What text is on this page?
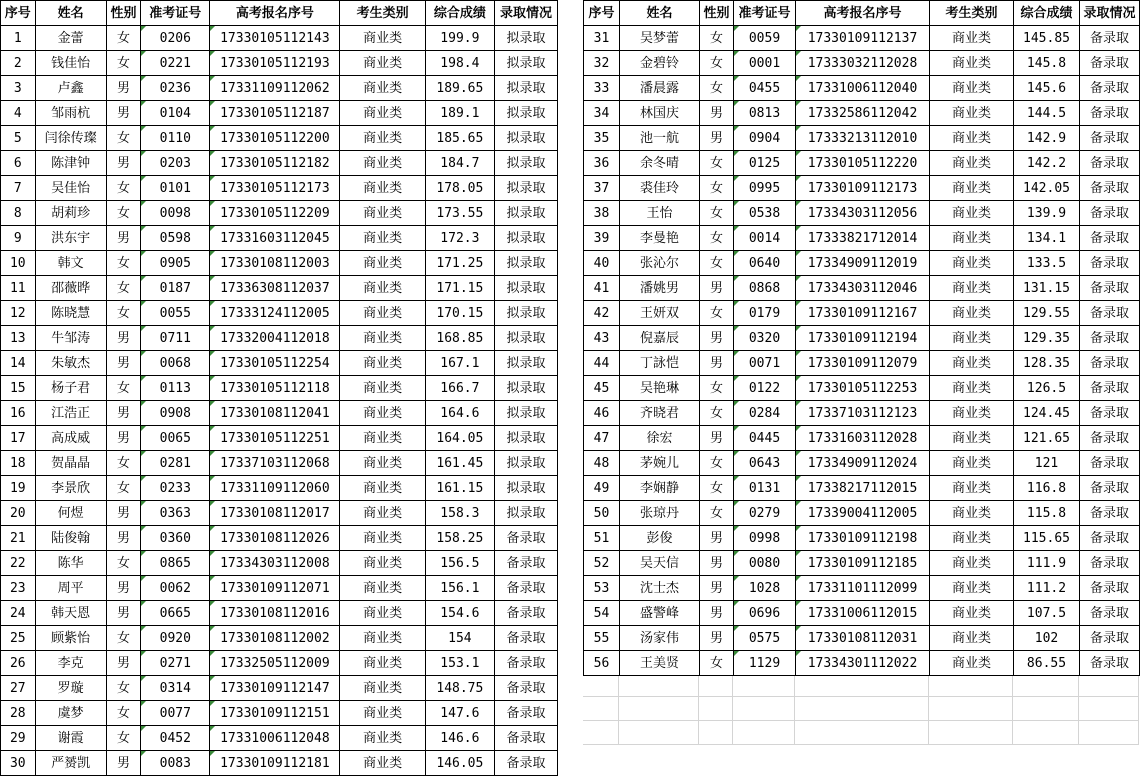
序号	姓名	性别	准考证号	高考报名序号	考生类别	综合成绩	录取情况
1	金蕾	女	0206	17330105112143	商业类	199.9	拟录取
2	钱佳怡	女	0221	17330105112193	商业类	198.4	拟录取
3	卢鑫	男	0236	17331109112062	商业类	189.65	拟录取
4	邹雨杭	男	0104	17330105112187	商业类	189.1	拟录取
5	闫徐传璨	女	0110	17330105112200	商业类	185.65	拟录取
6	陈津钟	男	0203	17330105112182	商业类	184.7	拟录取
7	吴佳怡	女	0101	17330105112173	商业类	178.05	拟录取
8	胡莉珍	女	0098	17330105112209	商业类	173.55	拟录取
9	洪东宇	男	0598	17331603112045	商业类	172.3	拟录取
10	韩文	女	0905	17330108112003	商业类	171.25	拟录取
11	邵薇晔	女	0187	17336308112037	商业类	171.15	拟录取
12	陈晓慧	女	0055	17333124112005	商业类	170.15	拟录取
13	牛邹涛	男	0711	17332004112018	商业类	168.85	拟录取
14	朱敏杰	男	0068	17330105112254	商业类	167.1	拟录取
15	杨子君	女	0113	17330105112118	商业类	166.7	拟录取
16	江浩正	男	0908	17330108112041	商业类	164.6	拟录取
17	高成威	男	0065	17330105112251	商业类	164.05	拟录取
18	贺晶晶	女	0281	17337103112068	商业类	161.45	拟录取
19	李景欣	女	0233	17331109112060	商业类	161.15	拟录取
20	何煜	男	0363	17330108112017	商业类	158.3	拟录取
21	陆俊翰	男	0360	17330108112026	商业类	158.25	备录取
22	陈华	女	0865	17334303112008	商业类	156.5	备录取
23	周平	男	0062	17330109112071	商业类	156.1	备录取
24	韩天恩	男	0665	17330108112016	商业类	154.6	备录取
25	顾紫怡	女	0920	17330108112002	商业类	154	备录取
26	李克	男	0271	17332505112009	商业类	153.1	备录取
27	罗璇	女	0314	17330109112147	商业类	148.75	备录取
28	虞梦	女	0077	17330109112151	商业类	147.6	备录取
29	谢霞	女	0452	17331006112048	商业类	146.6	备录取
30	严赟凯	男	0083	17330109112181	商业类	146.05	备录取
序号	姓名	性别	准考证号	高考报名序号	考生类别	综合成绩	录取情况
31	吴梦蕾	女	0059	17330109112137	商业类	145.85	备录取
32	金碧铃	女	0001	17333032112028	商业类	145.8	备录取
33	潘晨露	女	0455	17331006112040	商业类	145.6	备录取
34	林国庆	男	0813	17332586112042	商业类	144.5	备录取
35	池一航	男	0904	17333213112010	商业类	142.9	备录取
36	余冬晴	女	0125	17330105112220	商业类	142.2	备录取
37	裘佳玲	女	0995	17330109112173	商业类	142.05	备录取
38	王怡	女	0538	17334303112056	商业类	139.9	备录取
39	李曼艳	女	0014	17333821712014	商业类	134.1	备录取
40	张沁尔	女	0640	17334909112019	商业类	133.5	备录取
41	潘姚男	男	0868	17334303112046	商业类	131.15	备录取
42	王妍双	女	0179	17330109112167	商业类	129.55	备录取
43	倪嘉辰	男	0320	17330109112194	商业类	129.35	备录取
44	丁詠恺	男	0071	17330109112079	商业类	128.35	备录取
45	吴艳琳	女	0122	17330105112253	商业类	126.5	备录取
46	齐晓君	女	0284	17337103112123	商业类	124.45	备录取
47	徐宏	男	0445	17331603112028	商业类	121.65	备录取
48	茅婉儿	女	0643	17334909112024	商业类	121	备录取
49	李娴静	女	0131	17338217112015	商业类	116.8	备录取
50	张琼丹	女	0279	17339004112005	商业类	115.8	备录取
51	彭俊	男	0998	17330109112198	商业类	115.65	备录取
52	吴天信	男	0080	17330109112185	商业类	111.9	备录取
53	沈士杰	男	1028	17331101112099	商业类	111.2	备录取
54	盛警峰	男	0696	17331006112015	商业类	107.5	备录取
55	汤家伟	男	0575	17330108112031	商业类	102	备录取
56	王美贤	女	1129	17334301112022	商业类	86.55	备录取
